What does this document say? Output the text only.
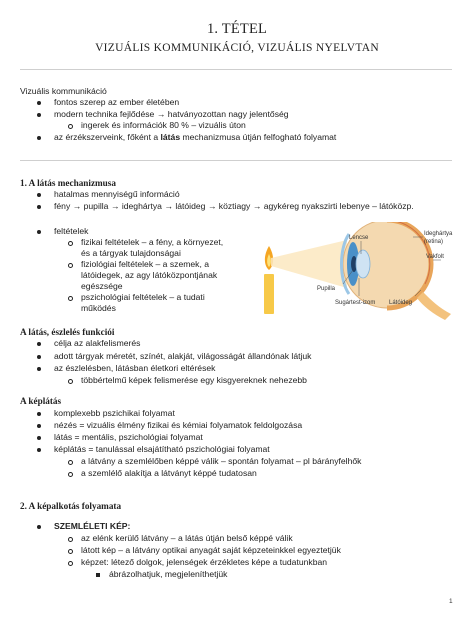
1. TÉTEL
VIZUÁLIS KOMMUNIKÁCIÓ, VIZUÁLIS NYELVTAN
Vizuális kommunikáció
fontos szerep az ember életében
modern technika fejlődése → hatványozottan nagy jelentőség
ingerek és információk 80 % – vizuális úton
az érzékszerveink, főként a látás mechanizmusa útján felfogható folyamat
1. A látás mechanizmusa
hatalmas mennyiségű információ
fény → pupilla → ideghártya → látóideg → köztiagy → agykéreg nyakszirti lebenye – látóközp.
feltételek
fizikai feltételek – a fény, a környezet,
és a tárgyak tulajdonságai
fiziológiai feltételek – a szemek, a
látóidegek, az agy látóközpontjának
egészsége
pszichológiai feltételek – a tudati
működés
Lencse
Ideghártya
(retina)
Vakfolt
Pupilla
Sugártest-izom Látóideg
A látás, észlelés funkciói
célja az alakfelismerés
adott tárgyak méretét, színét, alakját, világosságát állandónak látjuk
az észlelésben, látásban életkori eltérések
többértelmű képek felismerése egy kisgyereknek nehezebb
A képlátás
komplexebb pszichikai folyamat
nézés = vizuális élmény fizikai és kémiai folyamatok feldolgozása
látás = mentális, pszichológiai folyamat
képlátás = tanulással elsajátítható pszichológiai folyamat
a látvány a szemlélőben képpé válik – spontán folyamat – pl bárányfelhők
a szemlélő alakítja a látványt képpé tudatosan
2. A képalkotás folyamata
SZEMLÉLETI KÉP:
az elénk kerülő látvány – a látás útján belső képpé válik
látott kép – a látvány optikai anyagát saját képzeteinkkel egyeztetjük
képzet: létező dolgok, jelenségek érzékletes képe a tudatunkban
ábrázolhatjuk, megjeleníthetjük
1
